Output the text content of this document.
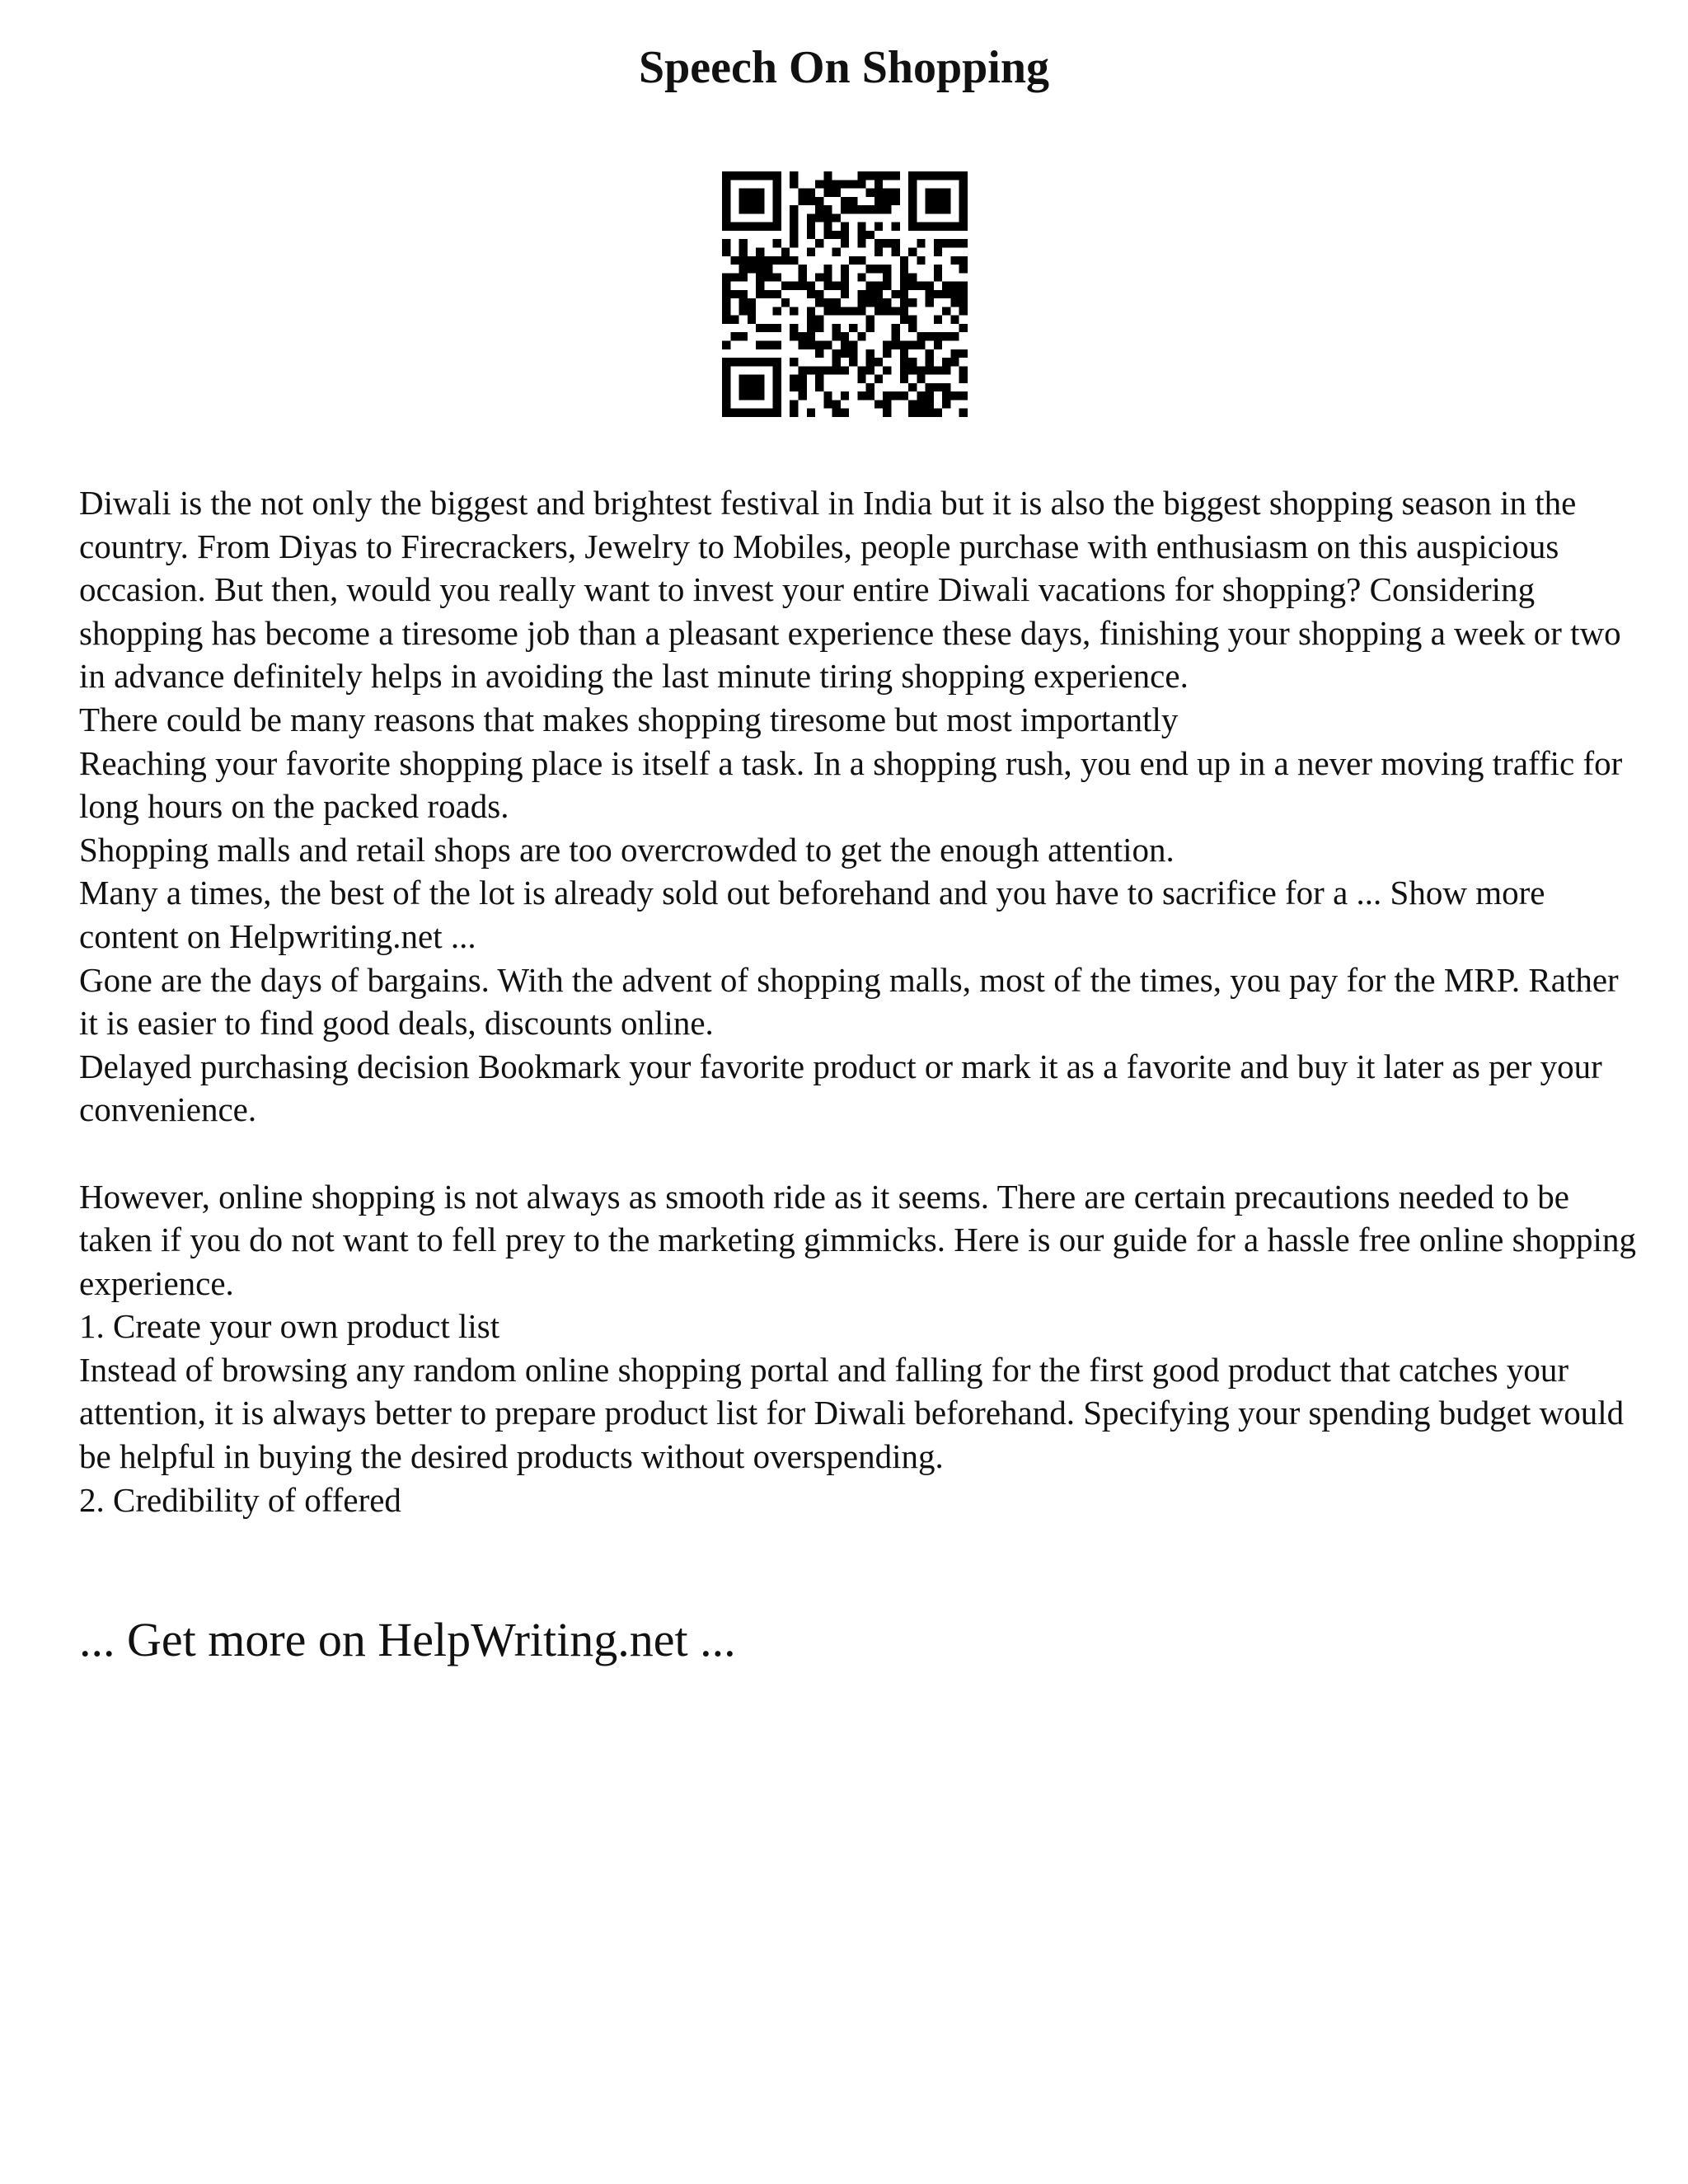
Speech On Shopping

Diwali is the not only the biggest and brightest festival in India but it is also the biggest shopping season in the country. From Diyas to Firecrackers, Jewelry to Mobiles, people purchase with enthusiasm on this auspicious occasion. But then, would you really want to invest your entire Diwali vacations for shopping? Considering shopping has become a tiresome job than a pleasant experience these days, finishing your shopping a week or two in advance definitely helps in avoiding the last minute tiring shopping experience.

There could be many reasons that makes shopping tiresome but most importantly

Reaching your favorite shopping place is itself a task. In a shopping rush, you end up in a never moving traffic for long hours on the packed roads.

Shopping malls and retail shops are too overcrowded to get the enough attention.

Many a times, the best of the lot is already sold out beforehand and you have to sacrifice for a ... Show more content on Helpwriting.net ...

Gone are the days of bargains. With the advent of shopping malls, most of the times, you pay for the MRP. Rather it is easier to find good deals, discounts online.

Delayed purchasing decision Bookmark your favorite product or mark it as a favorite and buy it later as per your convenience.

However, online shopping is not always as smooth ride as it seems. There are certain precautions needed to be taken if you do not want to fell prey to the marketing gimmicks. Here is our guide for a hassle free online shopping experience.

1. Create your own product list

Instead of browsing any random online shopping portal and falling for the first good product that catches your attention, it is always better to prepare product list for Diwali beforehand. Specifying your spending budget would be helpful in buying the desired products without overspending.

2. Credibility of offered

... Get more on HelpWriting.net ...
